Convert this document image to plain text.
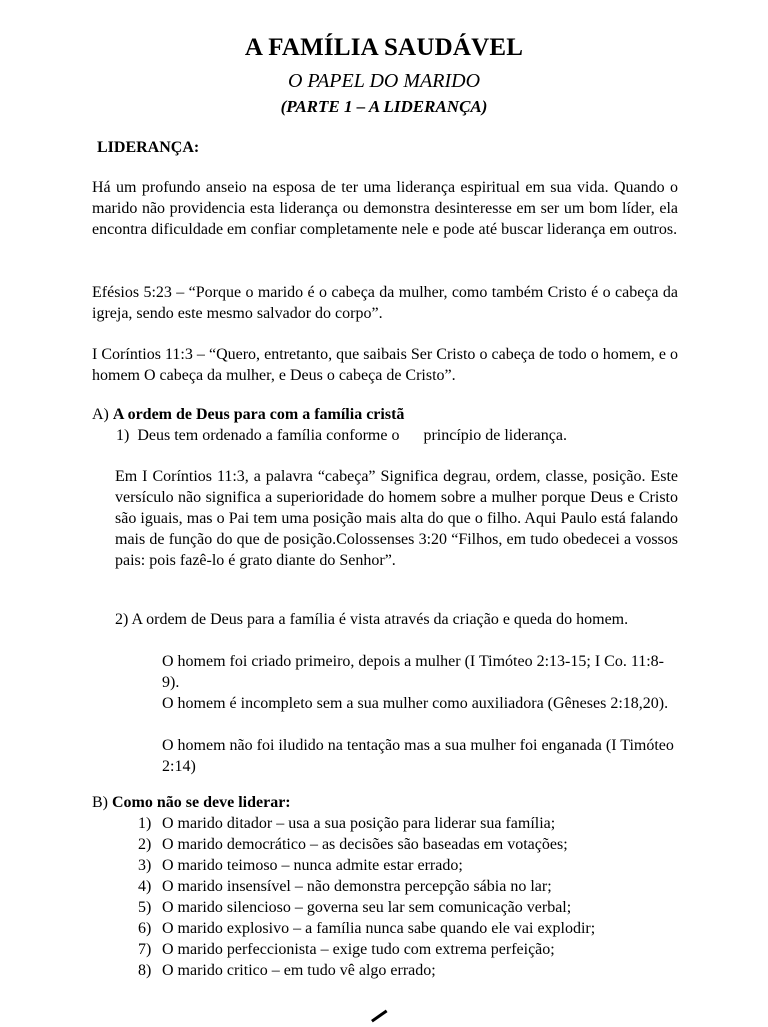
A FAMÍLIA SAUDÁVEL
O PAPEL DO MARIDO
(PARTE 1 – A LIDERANÇA)
LIDERANÇA:
Há um profundo anseio na esposa de ter uma liderança espiritual em sua vida. Quando o marido não providencia esta liderança ou demonstra desinteresse em ser um bom líder, ela encontra dificuldade em confiar completamente nele e pode até buscar liderança em outros.
Efésios 5:23 – “Porque o marido é o cabeça da mulher, como também Cristo é o cabeça da igreja, sendo este mesmo salvador do corpo”.
I Coríntios 11:3 – “Quero, entretanto, que saibais Ser Cristo o cabeça de todo o homem, e o homem O cabeça da mulher, e Deus o cabeça de Cristo”.
A) A ordem de Deus para com a família cristã
1)  Deus tem ordenado a família conforme o      princípio de liderança.
Em I Coríntios 11:3, a palavra “cabeça” Significa degrau, ordem, classe, posição. Este versículo não significa a superioridade do homem sobre a mulher porque Deus e Cristo são iguais, mas o Pai tem uma posição mais alta do que o filho. Aqui Paulo está falando mais de função do que de posição.Colossenses 3:20 “Filhos, em tudo obedecei a vossos pais: pois fazê-lo é grato diante do Senhor”.
2) A ordem de Deus para a família é vista através da criação e queda do homem.
O homem foi criado primeiro, depois a mulher (I Timóteo 2:13-15; I Co. 11:8-9).
O homem é incompleto sem a sua mulher como auxiliadora (Gêneses 2:18,20).
O homem não foi iludido na tentação mas a sua mulher foi enganada (I Timóteo 2:14)
B) Como não se deve liderar:
1) O marido ditador – usa a sua posição para liderar sua família;
2) O marido democrático – as decisões são baseadas em votações;
3) O marido teimoso – nunca admite estar errado;
4) O marido insensível – não demonstra percepção sábia no lar;
5) O marido silencioso – governa seu lar sem comunicação verbal;
6) O marido explosivo – a família nunca sabe quando ele vai explodir;
7) O marido perfeccionista – exige tudo com extrema perfeição;
8) O marido critico – em tudo vê algo errado;
